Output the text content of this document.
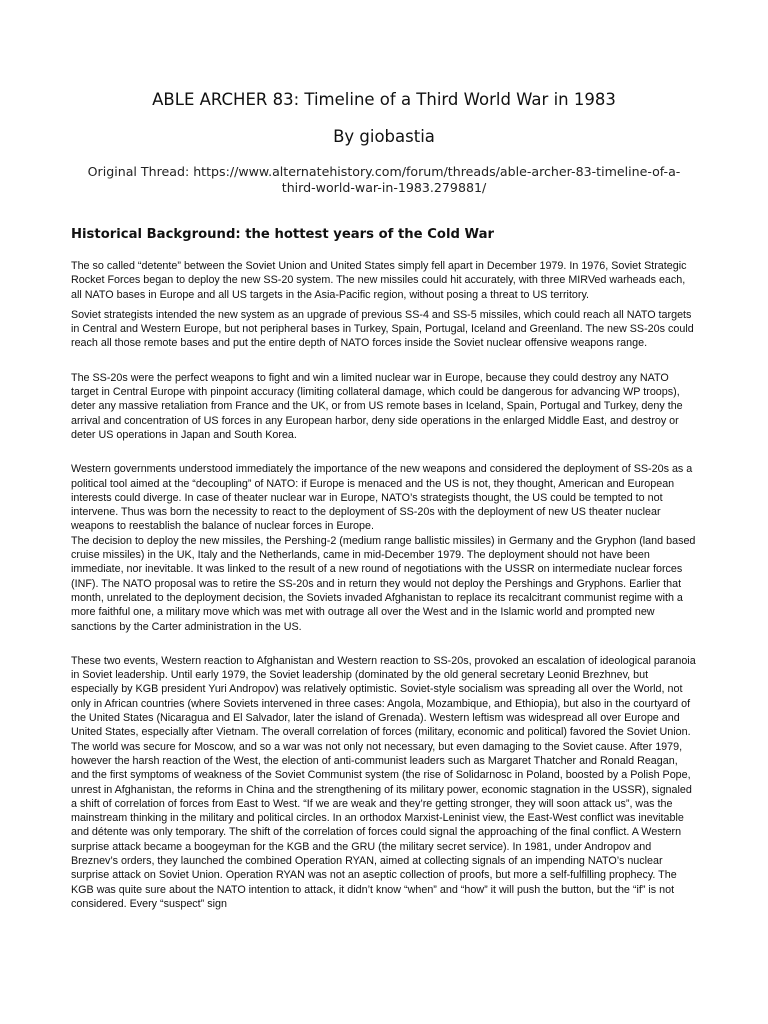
ABLE ARCHER 83: Timeline of a Third World War in 1983
By giobastia

Original Thread: https://www.alternatehistory.com/forum/threads/able-archer-83-timeline-of-a-third-world-war-in-1983.279881/

Historical Background: the hottest years of the Cold War

The so called “detente” between the Soviet Union and United States simply fell apart in December 1979. In 1976, Soviet Strategic Rocket Forces began to deploy the new SS-20 system. The new missiles could hit accurately, with three MIRVed warheads each, all NATO bases in Europe and all US targets in the Asia-Pacific region, without posing a threat to US territory.

Soviet strategists intended the new system as an upgrade of previous SS-4 and SS-5 missiles, which could reach all NATO targets in Central and Western Europe, but not peripheral bases in Turkey, Spain, Portugal, Iceland and Greenland. The new SS-20s could reach all those remote bases and put the entire depth of NATO forces inside the Soviet nuclear offensive weapons range.

The SS-20s were the perfect weapons to fight and win a limited nuclear war in Europe, because they could destroy any NATO target in Central Europe with pinpoint accuracy (limiting collateral damage, which could be dangerous for advancing WP troops), deter any massive retaliation from France and the UK, or from US remote bases in Iceland, Spain, Portugal and Turkey, deny the arrival and concentration of US forces in any European harbor, deny side operations in the enlarged Middle East, and destroy or deter US operations in Japan and South Korea.

Western governments understood immediately the importance of the new weapons and considered the deployment of SS-20s as a political tool aimed at the “decoupling” of NATO: if Europe is menaced and the US is not, they thought, American and European interests could diverge. In case of theater nuclear war in Europe, NATO’s strategists thought, the US could be tempted to not intervene. Thus was born the necessity to react to the deployment of SS-20s with the deployment of new US theater nuclear weapons to reestablish the balance of nuclear forces in Europe.

The decision to deploy the new missiles, the Pershing-2 (medium range ballistic missiles) in Germany and the Gryphon (land based cruise missiles) in the UK, Italy and the Netherlands, came in mid-December 1979. The deployment should not have been immediate, nor inevitable. It was linked to the result of a new round of negotiations with the USSR on intermediate nuclear forces (INF). The NATO proposal was to retire the SS-20s and in return they would not deploy the Pershings and Gryphons. Earlier that month, unrelated to the deployment decision, the Soviets invaded Afghanistan to replace its recalcitrant communist regime with a more faithful one, a military move which was met with outrage all over the West and in the Islamic world and prompted new sanctions by the Carter administration in the US.

These two events, Western reaction to Afghanistan and Western reaction to SS-20s, provoked an escalation of ideological paranoia in Soviet leadership. Until early 1979, the Soviet leadership (dominated by the old general secretary Leonid Brezhnev, but especially by KGB president Yuri Andropov) was relatively optimistic. Soviet-style socialism was spreading all over the World, not only in African countries (where Soviets intervened in three cases: Angola, Mozambique, and Ethiopia), but also in the courtyard of the United States (Nicaragua and El Salvador, later the island of Grenada). Western leftism was widespread all over Europe and United States, especially after Vietnam. The overall correlation of forces (military, economic and political) favored the Soviet Union. The world was secure for Moscow, and so a war was not only not necessary, but even damaging to the Soviet cause. After 1979, however the harsh reaction of the West, the election of anti-communist leaders such as Margaret Thatcher and Ronald Reagan, and the first symptoms of weakness of the Soviet Communist system (the rise of Solidarnosc in Poland, boosted by a Polish Pope, unrest in Afghanistan, the reforms in China and the strengthening of its military power, economic stagnation in the USSR), signaled a shift of correlation of forces from East to West. “If we are weak and they’re getting stronger, they will soon attack us”, was the mainstream thinking in the military and political circles. In an orthodox Marxist-Leninist view, the East-West conflict was inevitable and détente was only temporary. The shift of the correlation of forces could signal the approaching of the final conflict. A Western surprise attack became a boogeyman for the KGB and the GRU (the military secret service). In 1981, under Andropov and Breznev’s orders, they launched the combined Operation RYAN, aimed at collecting signals of an impending NATO’s nuclear surprise attack on Soviet Union. Operation RYAN was not an aseptic collection of proofs, but more a self-fulfilling prophecy. The KGB was quite sure about the NATO intention to attack, it didn’t know “when” and “how” it will push the button, but the “if” is not considered. Every “suspect” sign
